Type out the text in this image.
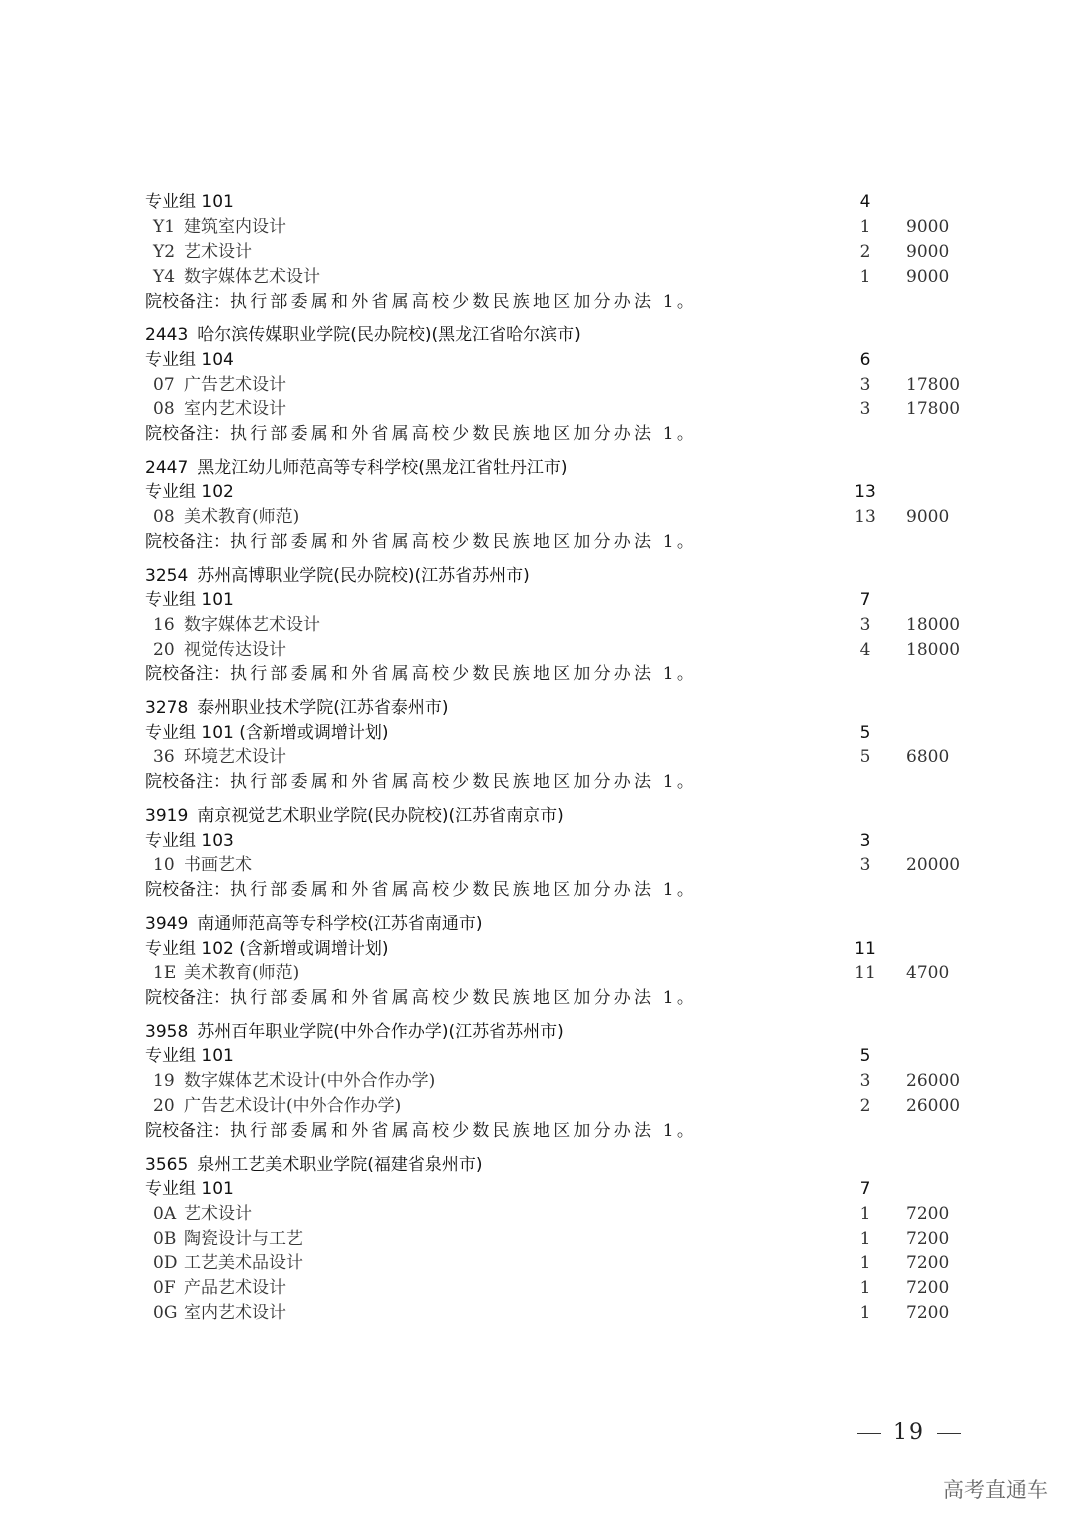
专业组 101	4
Y1 建筑室内设计	1	9000
Y2 艺术设计	2	9000
Y4 数字媒体艺术设计	1	9000
院校备注：执行部委属和外省属高校少数民族地区加分办法 1。
2443 哈尔滨传媒职业学院(民办院校)(黑龙江省哈尔滨市)
专业组 104	6
07 广告艺术设计	3	17800
08 室内艺术设计	3	17800
院校备注：执行部委属和外省属高校少数民族地区加分办法 1。
2447 黑龙江幼儿师范高等专科学校(黑龙江省牡丹江市)
专业组 102	13
08 美术教育(师范)	13 9000
院校备注：执行部委属和外省属高校少数民族地区加分办法 1。
3254 苏州高博职业学院(民办院校)(江苏省苏州市)
专业组 101	7
16 数字媒体艺术设计	3	18000
20 视觉传达设计	4	18000
院校备注：执行部委属和外省属高校少数民族地区加分办法 1。
3278 泰州职业技术学院(江苏省泰州市)
专业组 101 (含新增或调增计划)	5
36 环境艺术设计	5	6800
院校备注：执行部委属和外省属高校少数民族地区加分办法 1。
3919 南京视觉艺术职业学院(民办院校)(江苏省南京市)
专业组 103	3
10 书画艺术	3	20000
院校备注：执行部委属和外省属高校少数民族地区加分办法 1。
3949 南通师范高等专科学校(江苏省南通市)
专业组 102 (含新增或调增计划)	11
1E 美术教育(师范)	11 4700
院校备注：执行部委属和外省属高校少数民族地区加分办法 1。
3958 苏州百年职业学院(中外合作办学)(江苏省苏州市)
专业组 101	5
19 数字媒体艺术设计(中外合作办学)	3	26000
20 广告艺术设计(中外合作办学)	2	26000
院校备注：执行部委属和外省属高校少数民族地区加分办法 1。
3565 泉州工艺美术职业学院(福建省泉州市)
专业组 101	7
0A 艺术设计	1	7200
0B 陶瓷设计与工艺	1	7200
0D 工艺美术品设计	1	7200
0F 产品艺术设计	1	7200
0G 室内艺术设计	1	7200
19
高考直通车
